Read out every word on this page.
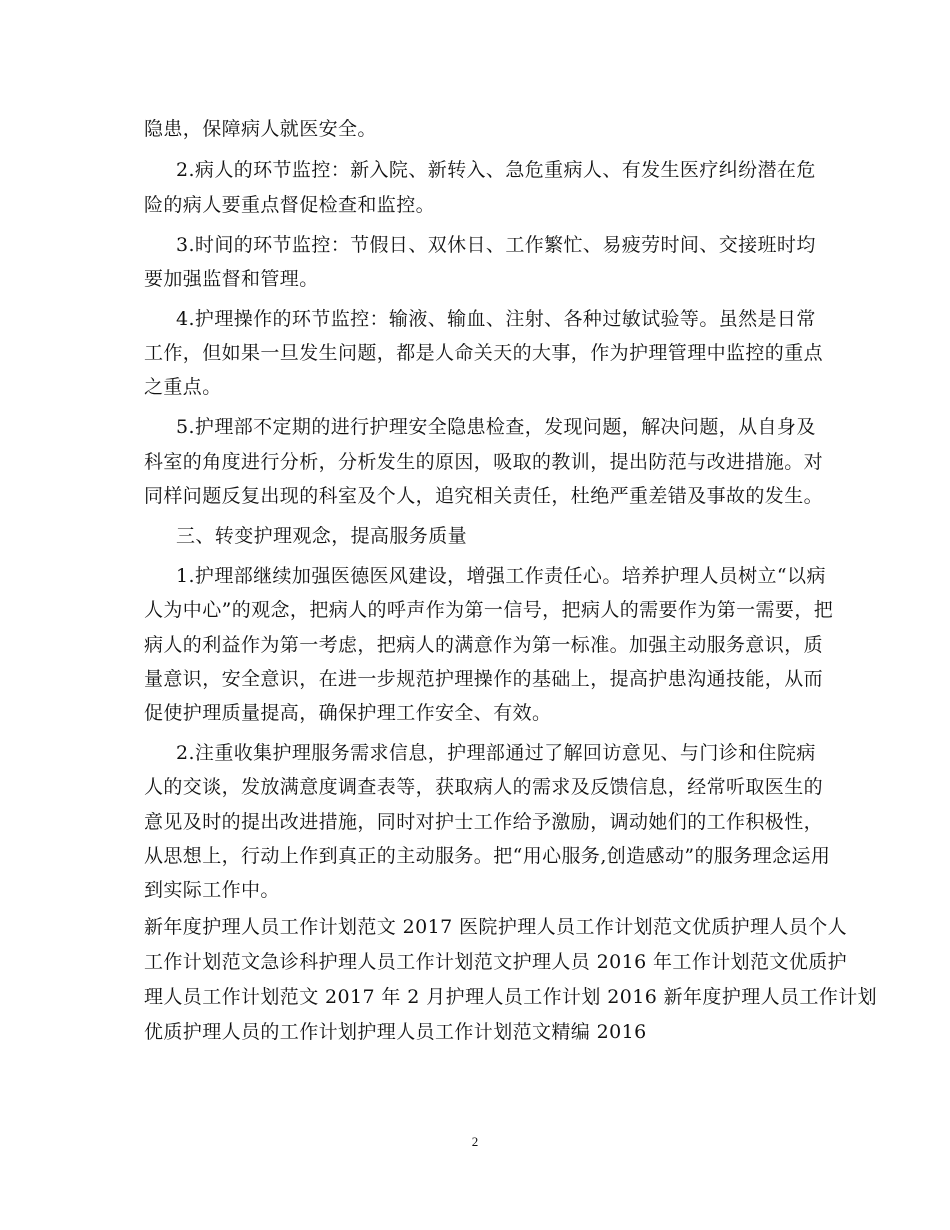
隐患，保障病人就医安全。
2.病人的环节监控：新入院、新转入、急危重病人、有发生医疗纠纷潜在危
险的病人要重点督促检查和监控。
3.时间的环节监控：节假日、双休日、工作繁忙、易疲劳时间、交接班时均
要加强监督和管理。
4.护理操作的环节监控：输液、输血、注射、各种过敏试验等。虽然是日常
工作，但如果一旦发生问题，都是人命关天的大事，作为护理管理中监控的重点
之重点。
5.护理部不定期的进行护理安全隐患检查，发现问题，解决问题，从自身及
科室的角度进行分析，分析发生的原因，吸取的教训，提出防范与改进措施。对
同样问题反复出现的科室及个人，追究相关责任，杜绝严重差错及事故的发生。
三、转变护理观念，提高服务质量
1.护理部继续加强医德医风建设，增强工作责任心。培养护理人员树立“以病
人为中心”的观念，把病人的呼声作为第一信号，把病人的需要作为第一需要，把
病人的利益作为第一考虑，把病人的满意作为第一标准。加强主动服务意识，质
量意识，安全意识，在进一步规范护理操作的基础上，提高护患沟通技能，从而
促使护理质量提高，确保护理工作安全、有效。
2.注重收集护理服务需求信息，护理部通过了解回访意见、与门诊和住院病
人的交谈，发放满意度调查表等，获取病人的需求及反馈信息，经常听取医生的
意见及时的提出改进措施，同时对护士工作给予激励，调动她们的工作积极性，
从思想上，行动上作到真正的主动服务。把“用心服务,创造感动”的服务理念运用
到实际工作中。
新年度护理人员工作计划范文 2017 医院护理人员工作计划范文优质护理人员个人
工作计划范文急诊科护理人员工作计划范文护理人员 2016 年工作计划范文优质护
理人员工作计划范文 2017 年 2 月护理人员工作计划 2016 新年度护理人员工作计划
优质护理人员的工作计划护理人员工作计划范文精编 2016
2
